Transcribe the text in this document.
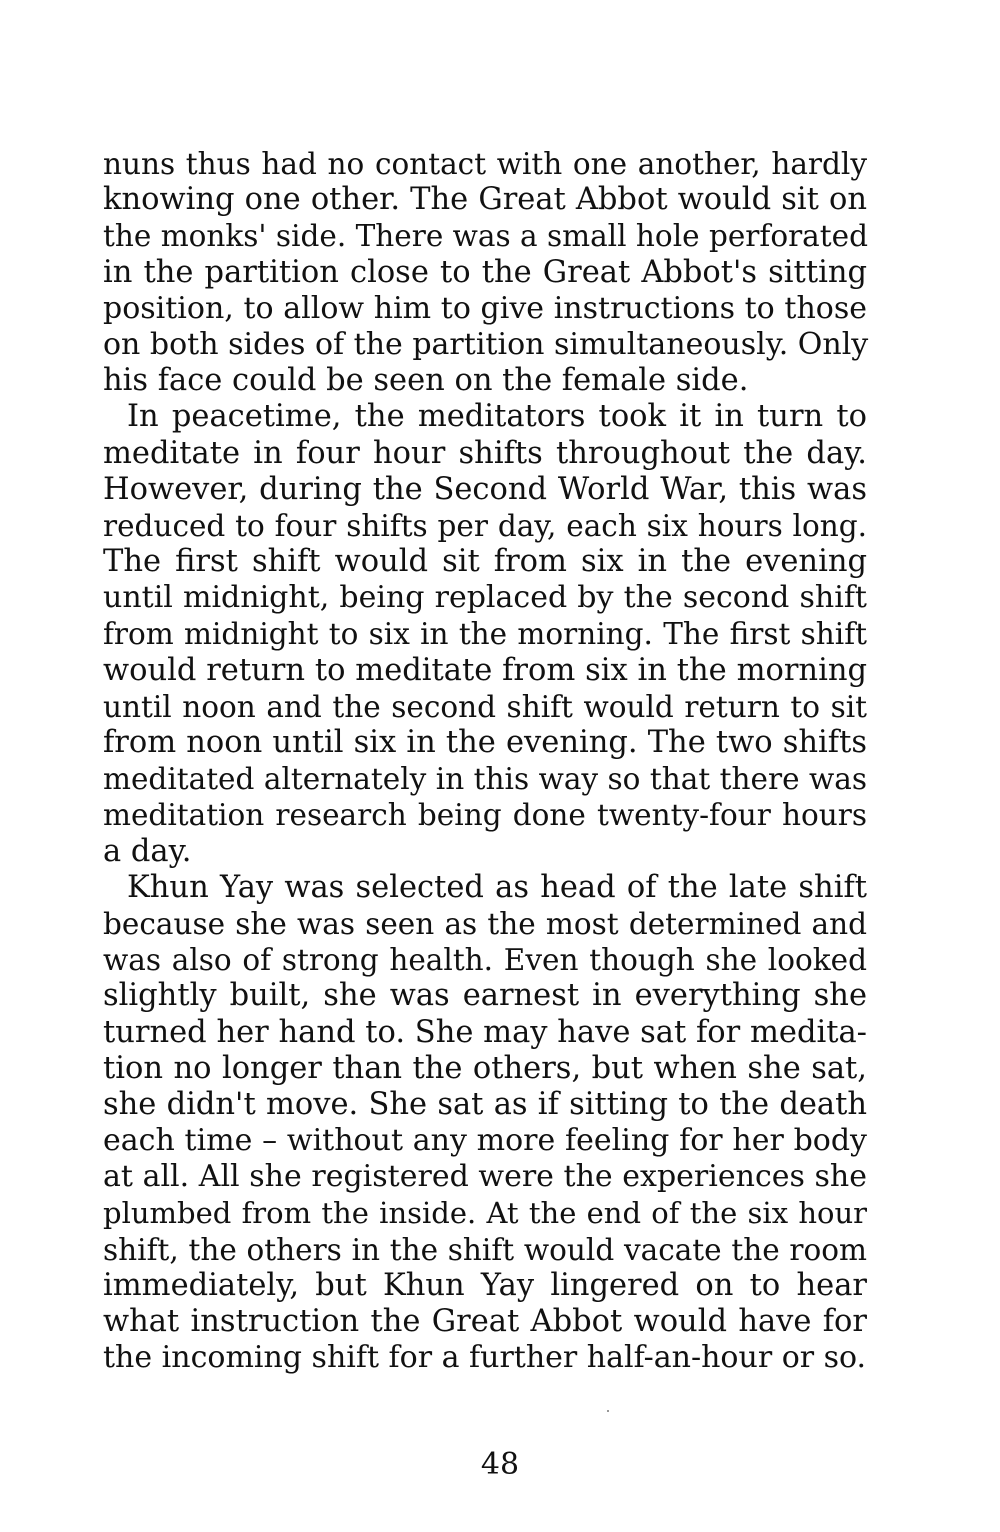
nuns thus had no contact with one another, hardly
knowing one other. The Great Abbot would sit on
the monks' side. There was a small hole perforated
in the partition close to the Great Abbot's sitting
position, to allow him to give instructions to those
on both sides of the partition simultaneously. Only
his face could be seen on the female side.
In peacetime, the meditators took it in turn to
meditate in four hour shifts throughout the day.
However, during the Second World War, this was
reduced to four shifts per day, each six hours long.
The first shift would sit from six in the evening
until midnight, being replaced by the second shift
from midnight to six in the morning. The first shift
would return to meditate from six in the morning
until noon and the second shift would return to sit
from noon until six in the evening. The two shifts
meditated alternately in this way so that there was
meditation research being done twenty-four hours
a day.
Khun Yay was selected as head of the late shift
because she was seen as the most determined and
was also of strong health. Even though she looked
slightly built, she was earnest in everything she
turned her hand to. She may have sat for medita-
tion no longer than the others, but when she sat,
she didn't move. She sat as if sitting to the death
each time – without any more feeling for her body
at all. All she registered were the experiences she
plumbed from the inside. At the end of the six hour
shift, the others in the shift would vacate the room
immediately, but Khun Yay lingered on to hear
what instruction the Great Abbot would have for
the incoming shift for a further half-an-hour or so.
48
